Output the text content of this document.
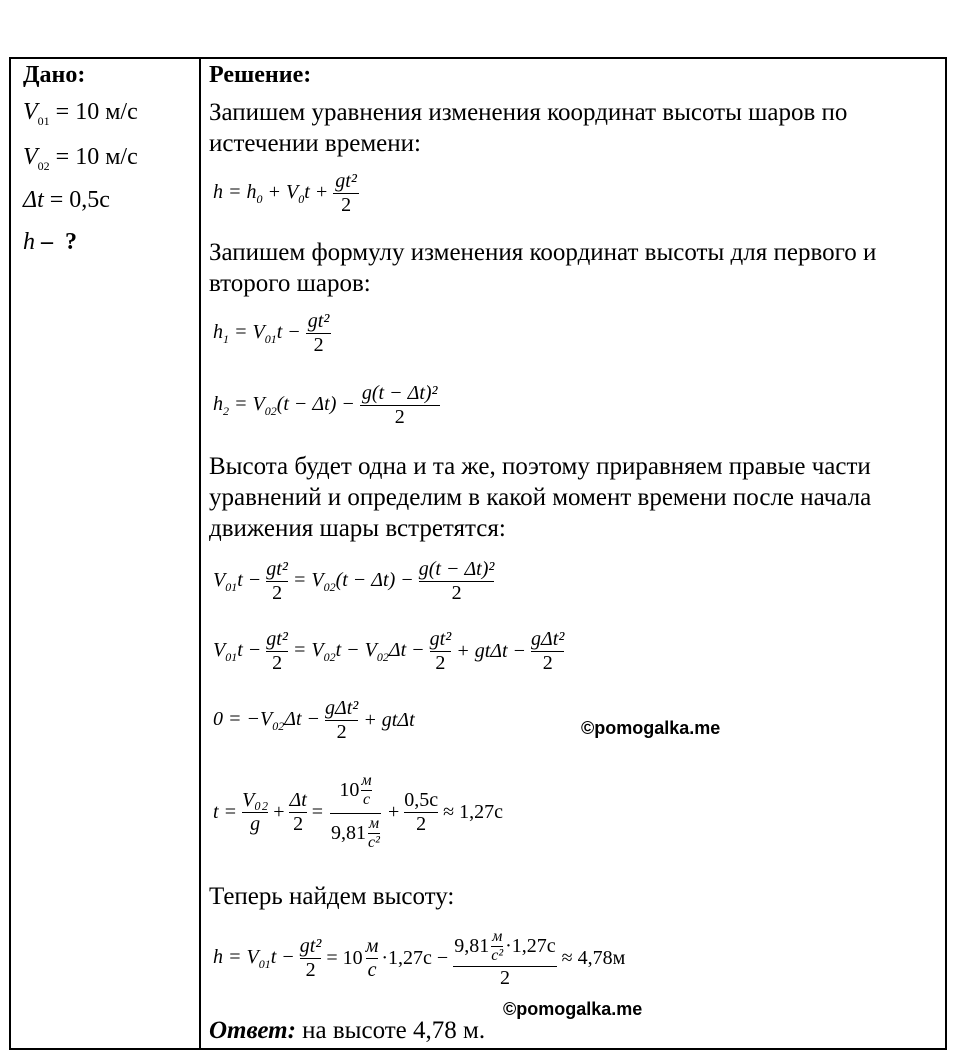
Дано:
$V_{01} = 10$ м/с
$V_{02} = 10$ м/с
Δt = 0,5с
h – ?
Решение:
Запишем уравнения изменения координат высоты шаров по
истечении времени:
$h = h_0 + V_0t$ +	gt²
2
Запишем формулу изменения координат высоты для первого и
второго шаров:
$h_1 = V_{01}t$ −	gt²
2
$h_2 = V_{02}(t - \Delta t)$ −	g(t − Δt)²
2
Высота будет одна и та же, поэтому приравняем правые части
уравнений и определим в какой момент времени после начала
движения шары встретятся:
$V_{01}t$ −	gt²
2
	= $V_{02}(t - \Delta t)$ −	g(t − Δt)²
2
$V_{01}t$ −	gt²
2
	= $V_{02}t - V_{02}\Delta t$ −	gt²
2
	+ gtΔt −	
gΔt²
2
$0 = -V_{02}\Delta t$ −	gΔt²
2
	+ gtΔt	©pomogalka.me
t =	
V₀₂
g
	+	
Δt
2
	=	
10	м
с
9,81	м
с²
	+	
0,5с
2
	≈ 1,27с
Теперь найдем высоту:
$h = V_{01}t$ −	gt²
2
	= 10	
м
с
	·1,27с −	
9,81	м
с²	·1,27с
2
	≈ 4,78м
©pomogalka.me
Ответ: на высоте 4,78 м.
